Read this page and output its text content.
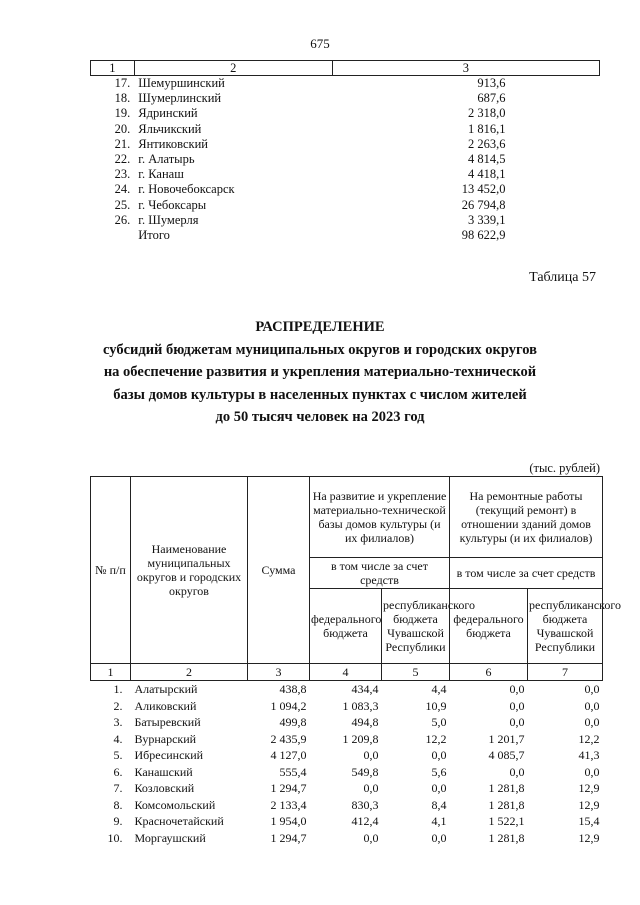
675
1	2	3
17.	Шемуршинский	913,6
18.	Шумерлинский	687,6
19.	Ядринский	2 318,0
20.	Яльчикский	1 816,1
21.	Янтиковский	2 263,6
22.	г. Алатырь	4 814,5
23.	г. Канаш	4 418,1
24.	г. Новочебоксарск	13 452,0
25.	г. Чебоксары	26 794,8
26.	г. Шумерля	3 339,1
	Итого	98 622,9
Таблица 57
РАСПРЕДЕЛЕНИЕ
субсидий бюджетам муниципальных округов и городских округов
на обеспечение развития и укрепления материально-технической
базы домов культуры в населенных пунктах с числом жителей
до 50 тысяч человек на 2023 год
(тыс. рублей)
№ п/п	Наименование муниципальных округов и городских округов	Сумма	На развитие и укрепление материально-технической базы домов культуры (и их филиалов)		На ремонтные работы (текущий ремонт) в отношении зданий домов культуры (и их филиалов)	
			в том числе за счет средств		в том числе за счет средств	
			федерального бюджета	республиканского бюджета Чувашской Республики	федерального бюджета	республиканского бюджета Чувашской Республики
1	2	3	4	5	6	7
1.	Алатырский	438,8	434,4	4,4	0,0	0,0
2.	Аликовский	1 094,2	1 083,3	10,9	0,0	0,0
3.	Батыревский	499,8	494,8	5,0	0,0	0,0
4.	Вурнарский	2 435,9	1 209,8	12,2	1 201,7	12,2
5.	Ибресинский	4 127,0	0,0	0,0	4 085,7	41,3
6.	Канашский	555,4	549,8	5,6	0,0	0,0
7.	Козловский	1 294,7	0,0	0,0	1 281,8	12,9
8.	Комсомольский	2 133,4	830,3	8,4	1 281,8	12,9
9.	Красночетайский	1 954,0	412,4	4,1	1 522,1	15,4
10.	Моргаушский	1 294,7	0,0	0,0	1 281,8	12,9
